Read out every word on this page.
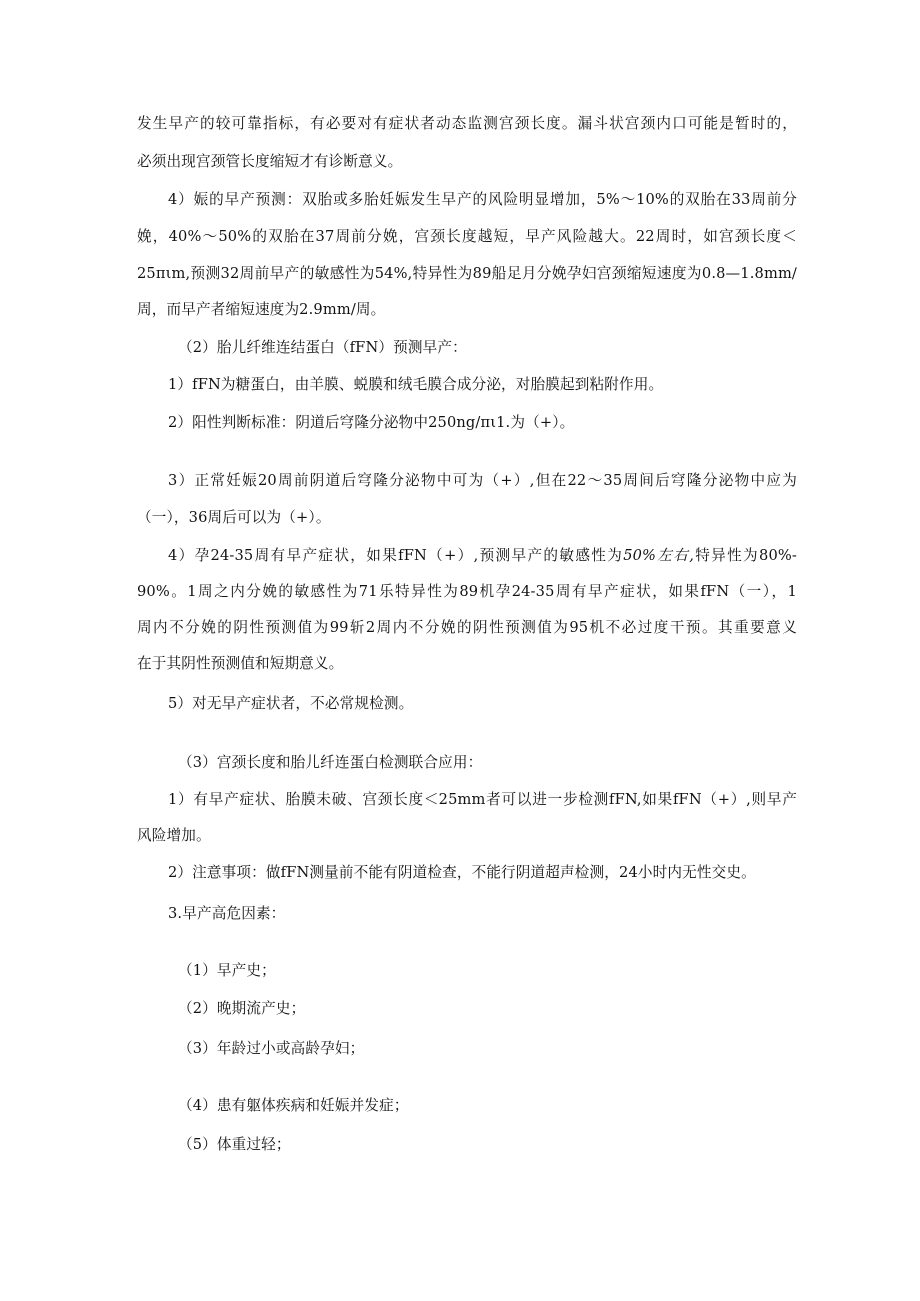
发生早产的较可靠指标，有必要对有症状者动态监测宫颈长度。漏斗状宫颈内口可能是暂时的，
必须出现宫颈管长度缩短才有诊断意义。
4）娠的早产预测：双胎或多胎妊娠发生早产的风险明显增加，5%～10%的双胎在33周前分
娩，40%～50%的双胎在37周前分娩，宫颈长度越短，早产风险越大。22周时，如宫颈长度＜
25πιm,预测32周前早产的敏感性为54%,特异性为89船足月分娩孕妇宫颈缩短速度为0.8—1.8mm∕
周，而早产者缩短速度为2.9mm/周。
（2）胎儿纤维连结蛋白（fFN）预测早产：
1）fFN为糖蛋白，由羊膜、蜕膜和绒毛膜合成分泌，对胎膜起到粘附作用。
2）阳性判断标准：阴道后穹隆分泌物中250ng/πι1.为（+）。
3）正常妊娠20周前阴道后穹隆分泌物中可为（+）,但在22～35周间后穹隆分泌物中应为
（一），36周后可以为（+）。
4）孕24-35周有早产症状，如果fFN（+）,预测早产的敏感性为50%左右,特异性为80%-
90%。1周之内分娩的敏感性为71乐特异性为89机孕24-35周有早产症状，如果fFN（一），1
周内不分娩的阴性预测值为99斩2周内不分娩的阴性预测值为95机不必过度干预。其重要意义
在于其阴性预测值和短期意义。
5）对无早产症状者，不必常规检测。
（3）宫颈长度和胎儿纤连蛋白检测联合应用：
1）有早产症状、胎膜未破、宫颈长度＜25mm者可以进一步检测fFN,如果fFN（+）,则早产
风险增加。
2）注意事项：做fFN测量前不能有阴道检查，不能行阴道超声检测，24小时内无性交史。
3.早产高危因素：
（1）早产史；
（2）晚期流产史；
（3）年龄过小或高龄孕妇；
（4）患有躯体疾病和妊娠并发症；
（5）体重过轻；
